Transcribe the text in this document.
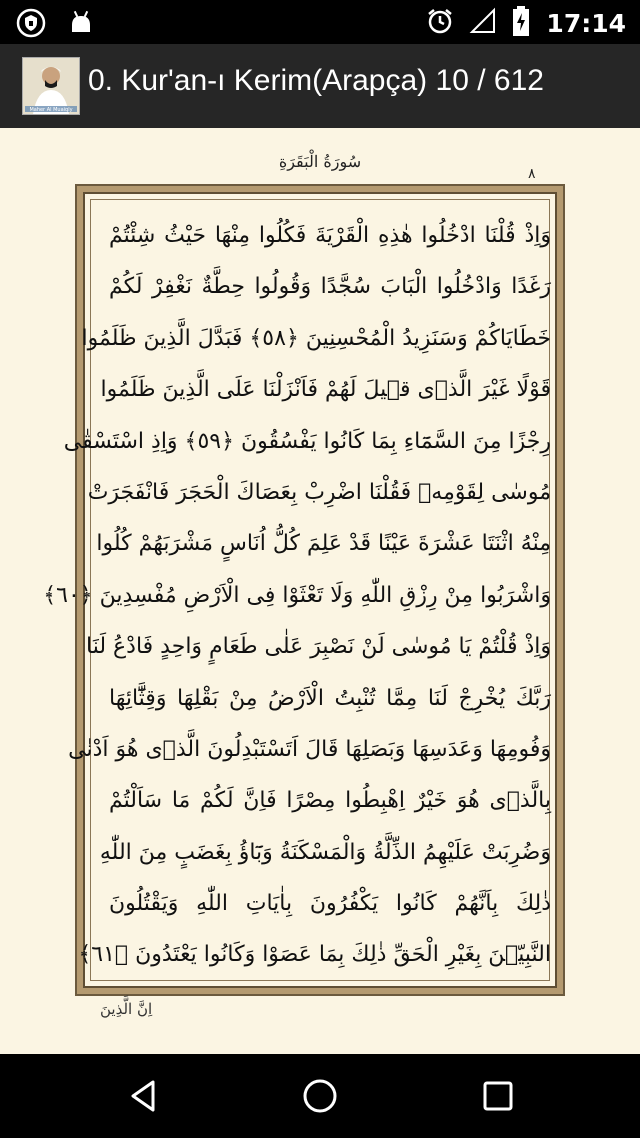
17:14
Maher Al Muaiqly
0. Kur'an-ı Kerim(Arapça) 10 / 612
سُورَةُ الْبَقَرَةِ
٨
وَاِذْ قُلْنَا ادْخُلُوا هٰذِهِ الْقَرْيَةَ فَكُلُوا مِنْهَا حَيْثُ شِئْتُمْ
رَغَدًا وَادْخُلُوا الْبَابَ سُجَّدًا وَقُولُوا حِطَّةٌ نَغْفِرْ لَكُمْ
خَطَايَاكُمْ وَسَنَزِيدُ الْمُحْسِنِينَ ﴿٥٨﴾ فَبَدَّلَ الَّذِينَ ظَلَمُوا
قَوْلًا غَيْرَ الَّذٖى قٖيلَ لَهُمْ فَاَنْزَلْنَا عَلَى الَّذِينَ ظَلَمُوا
رِجْزًا مِنَ السَّمَٓاءِ بِمَا كَانُوا يَفْسُقُونَ ﴿٥٩﴾ وَاِذِ اسْتَسْقٰى
مُوسٰى لِقَوْمِهٖ فَقُلْنَا اضْرِبْ بِعَصَاكَ الْحَجَرَ فَانْفَجَرَتْ
مِنْهُ اثْنَتَا عَشْرَةَ عَيْنًا قَدْ عَلِمَ كُلُّ اُنَاسٍ مَشْرَبَهُمْ كُلُوا
وَاشْرَبُوا مِنْ رِزْقِ اللّٰهِ وَلَا تَعْثَوْا فِى الْاَرْضِ مُفْسِدِينَ ﴿٦٠﴾
وَاِذْ قُلْتُمْ يَا مُوسٰى لَنْ نَصْبِرَ عَلٰى طَعَامٍ وَاحِدٍ فَادْعُ لَنَا
رَبَّكَ يُخْرِجْ لَنَا مِمَّا تُنْبِتُ الْاَرْضُ مِنْ بَقْلِهَا وَقِثَّٓائِهَا
وَفُومِهَا وَعَدَسِهَا وَبَصَلِهَا قَالَ اَتَسْتَبْدِلُونَ الَّذٖى هُوَ اَدْنٰى
بِالَّذٖى هُوَ خَيْرٌ اِهْبِطُوا مِصْرًا فَاِنَّ لَكُمْ مَا سَاَلْتُمْ
وَضُرِبَتْ عَلَيْهِمُ الذِّلَّةُ وَالْمَسْكَنَةُ وَبَٓاؤُ بِغَضَبٍ مِنَ اللّٰهِ
ذٰلِكَ بِاَنَّهُمْ كَانُوا يَكْفُرُونَ بِاٰيَاتِ اللّٰهِ وَيَقْتُلُونَ
النَّبِيّٖنَ بِغَيْرِ الْحَقِّ ذٰلِكَ بِمَا عَصَوْا وَكَانُوا يَعْتَدُونَ ﴿٦١﴾
اِنَّ الَّذِينَ
